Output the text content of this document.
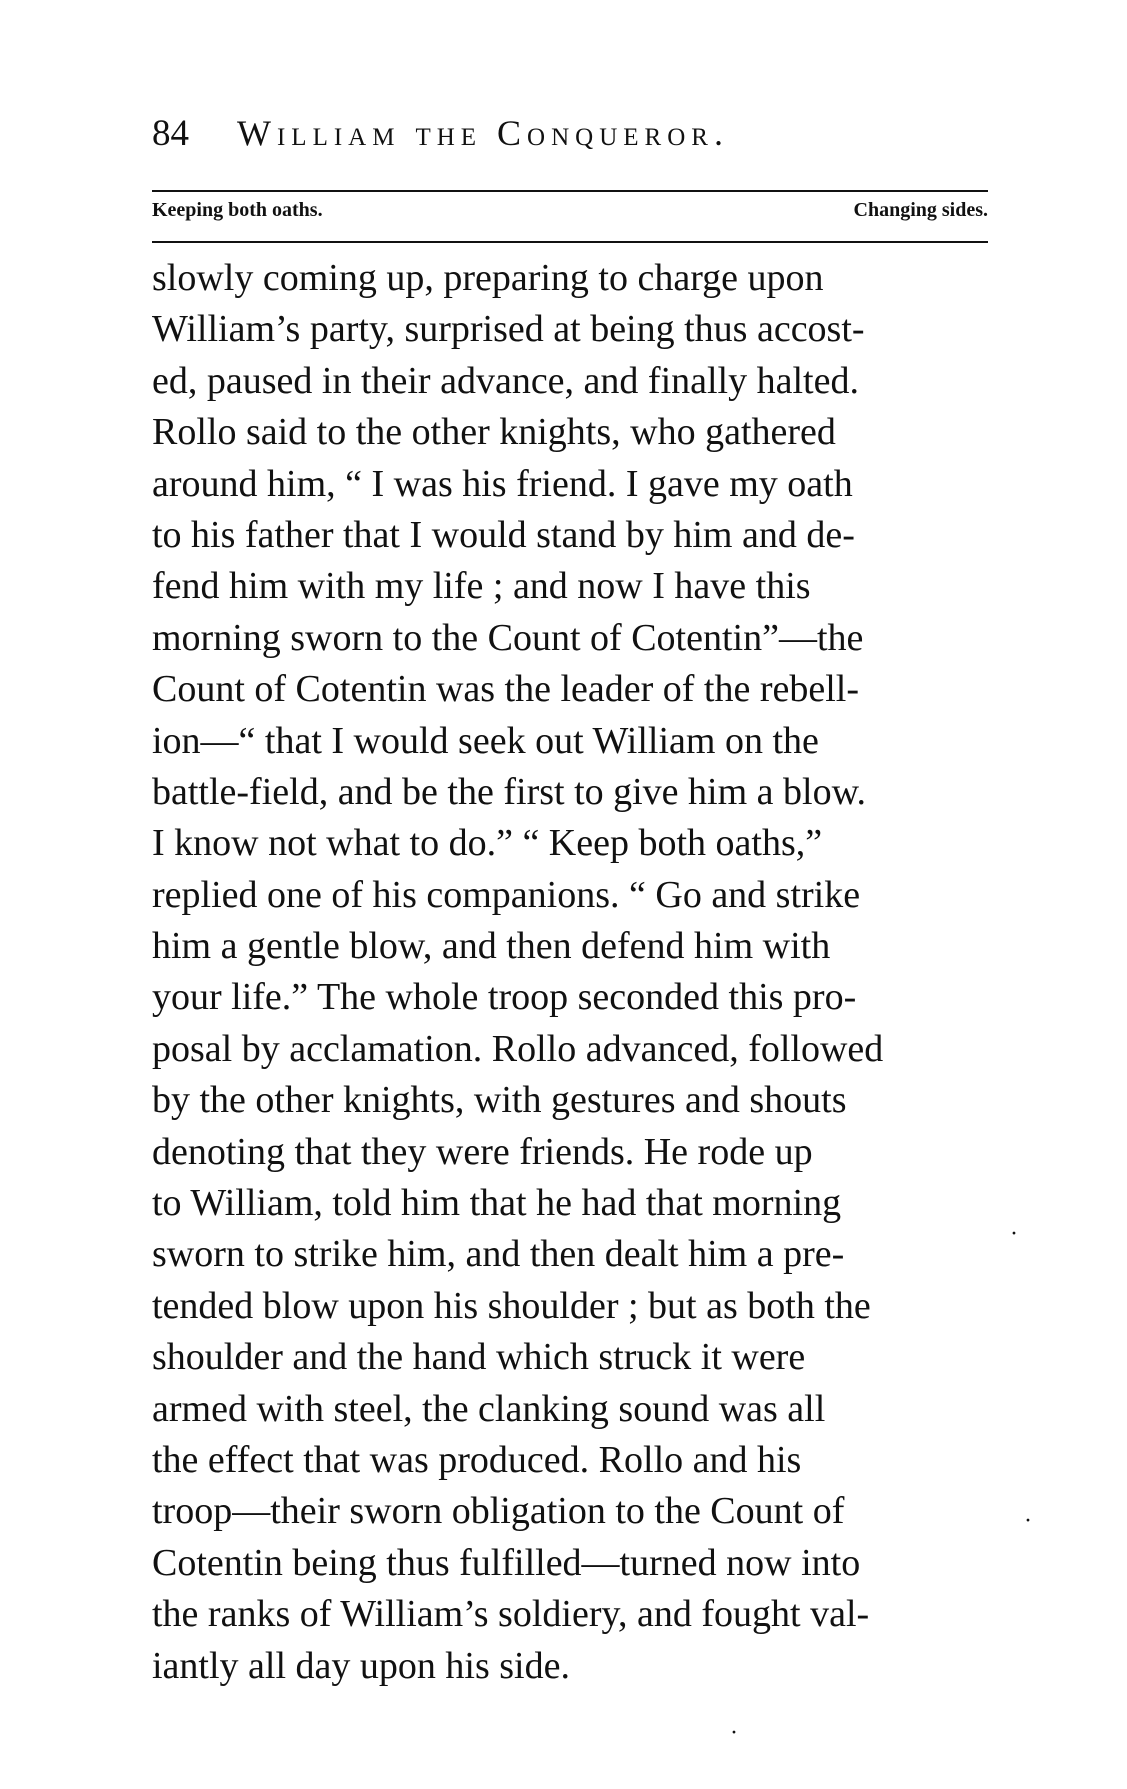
84 William the Conqueror.
Keeping both oaths.	Changing sides.
slowly coming up, preparing to charge upon
William’s party, surprised at being thus accost-
ed, paused in their advance, and finally halted.
Rollo said to the other knights, who gathered
around him, “ I was his friend. I gave my oath
to his father that I would stand by him and de-
fend him with my life ; and now I have this
morning sworn to the Count of Cotentin”—the
Count of Cotentin was the leader of the rebell-
ion—“ that I would seek out William on the
battle-field, and be the first to give him a blow.
I know not what to do.” “ Keep both oaths,”
replied one of his companions. “ Go and strike
him a gentle blow, and then defend him with
your life.” The whole troop seconded this pro-
posal by acclamation. Rollo advanced, followed
by the other knights, with gestures and shouts
denoting that they were friends. He rode up
to William, told him that he had that morning
sworn to strike him, and then dealt him a pre-
tended blow upon his shoulder ; but as both the
shoulder and the hand which struck it were
armed with steel, the clanking sound was all
the effect that was produced. Rollo and his
troop—their sworn obligation to the Count of
Cotentin being thus fulfilled—turned now into
the ranks of William’s soldiery, and fought val-
iantly all day upon his side.
·
·
·
